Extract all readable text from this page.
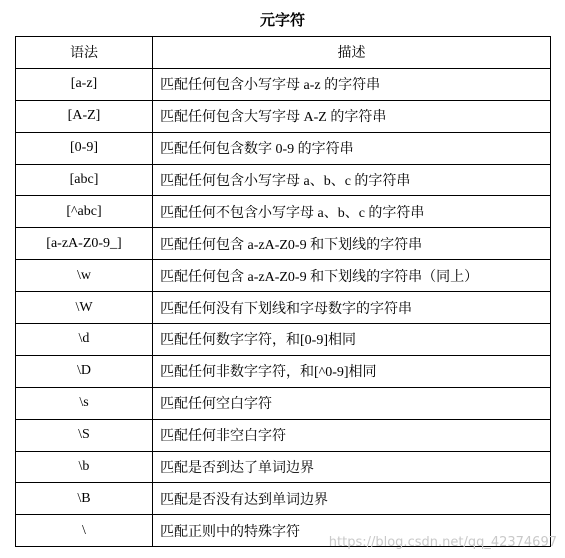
元字符
语法	描述
[a-z]	匹配任何包含小写字母 a-z 的字符串
[A-Z]	匹配任何包含大写字母 A-Z 的字符串
[0-9]	匹配任何包含数字 0-9 的字符串
[abc]	匹配任何包含小写字母 a、b、c 的字符串
[^abc]	匹配任何不包含小写字母 a、b、c 的字符串
[a-zA-Z0-9_]	匹配任何包含 a-zA-Z0-9 和下划线的字符串
\w	匹配任何包含 a-zA-Z0-9 和下划线的字符串（同上）
\W	匹配任何没有下划线和字母数字的字符串
\d	匹配任何数字字符，和[0-9]相同
\D	匹配任何非数字字符，和[^0-9]相同
\s	匹配任何空白字符
\S	匹配任何非空白字符
\b	匹配是否到达了单词边界
\B	匹配是否没有达到单词边界
\	匹配正则中的特殊字符
https://blog.csdn.net/qq_42374697
